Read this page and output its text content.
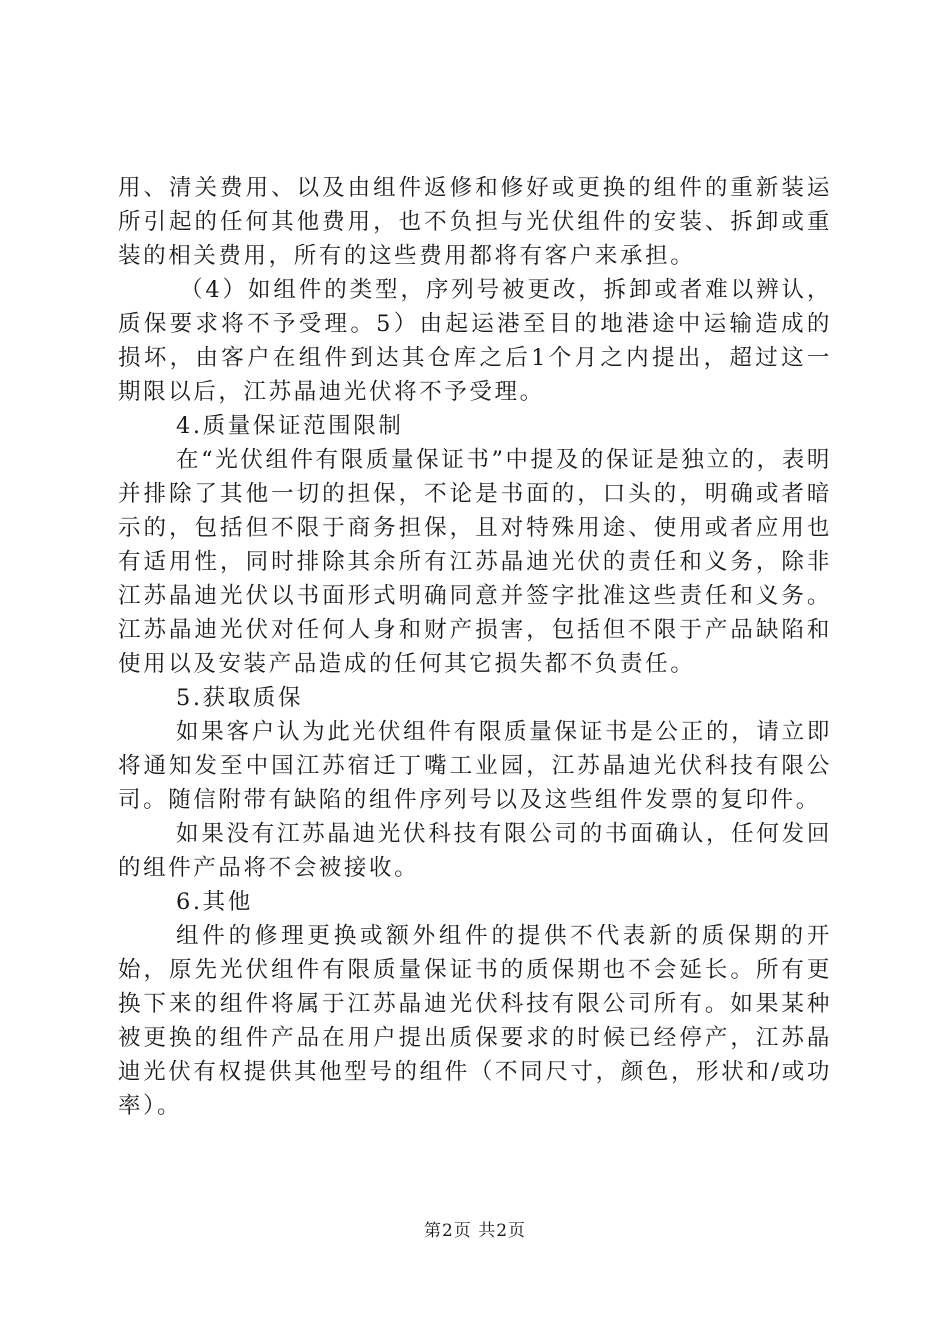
用、清关费用、以及由组件返修和修好或更换的组件的重新装运所引起的任何其他费用，也不负担与光伏组件的安装、拆卸或重装的相关费用，所有的这些费用都将有客户来承担。

（4）如组件的类型，序列号被更改，拆卸或者难以辨认，质保要求将不予受理。5）由起运港至目的地港途中运输造成的损坏，由客户在组件到达其仓库之后1个月之内提出，超过这一期限以后，江苏晶迪光伏将不予受理。

4.质量保证范围限制

在“光伏组件有限质量保证书”中提及的保证是独立的，表明并排除了其他一切的担保，不论是书面的，口头的，明确或者暗示的，包括但不限于商务担保，且对特殊用途、使用或者应用也有适用性，同时排除其余所有江苏晶迪光伏的责任和义务，除非江苏晶迪光伏以书面形式明确同意并签字批准这些责任和义务。江苏晶迪光伏对任何人身和财产损害，包括但不限于产品缺陷和使用以及安装产品造成的任何其它损失都不负责任。

5.获取质保

如果客户认为此光伏组件有限质量保证书是公正的，请立即将通知发至中国江苏宿迁丁嘴工业园，江苏晶迪光伏科技有限公司。随信附带有缺陷的组件序列号以及这些组件发票的复印件。

如果没有江苏晶迪光伏科技有限公司的书面确认，任何发回的组件产品将不会被接收。

6.其他

组件的修理更换或额外组件的提供不代表新的质保期的开始，原先光伏组件有限质量保证书的质保期也不会延长。所有更换下来的组件将属于江苏晶迪光伏科技有限公司所有。如果某种被更换的组件产品在用户提出质保要求的时候已经停产，江苏晶迪光伏有权提供其他型号的组件（不同尺寸，颜色，形状和/或功率）。

第2页 共2页
